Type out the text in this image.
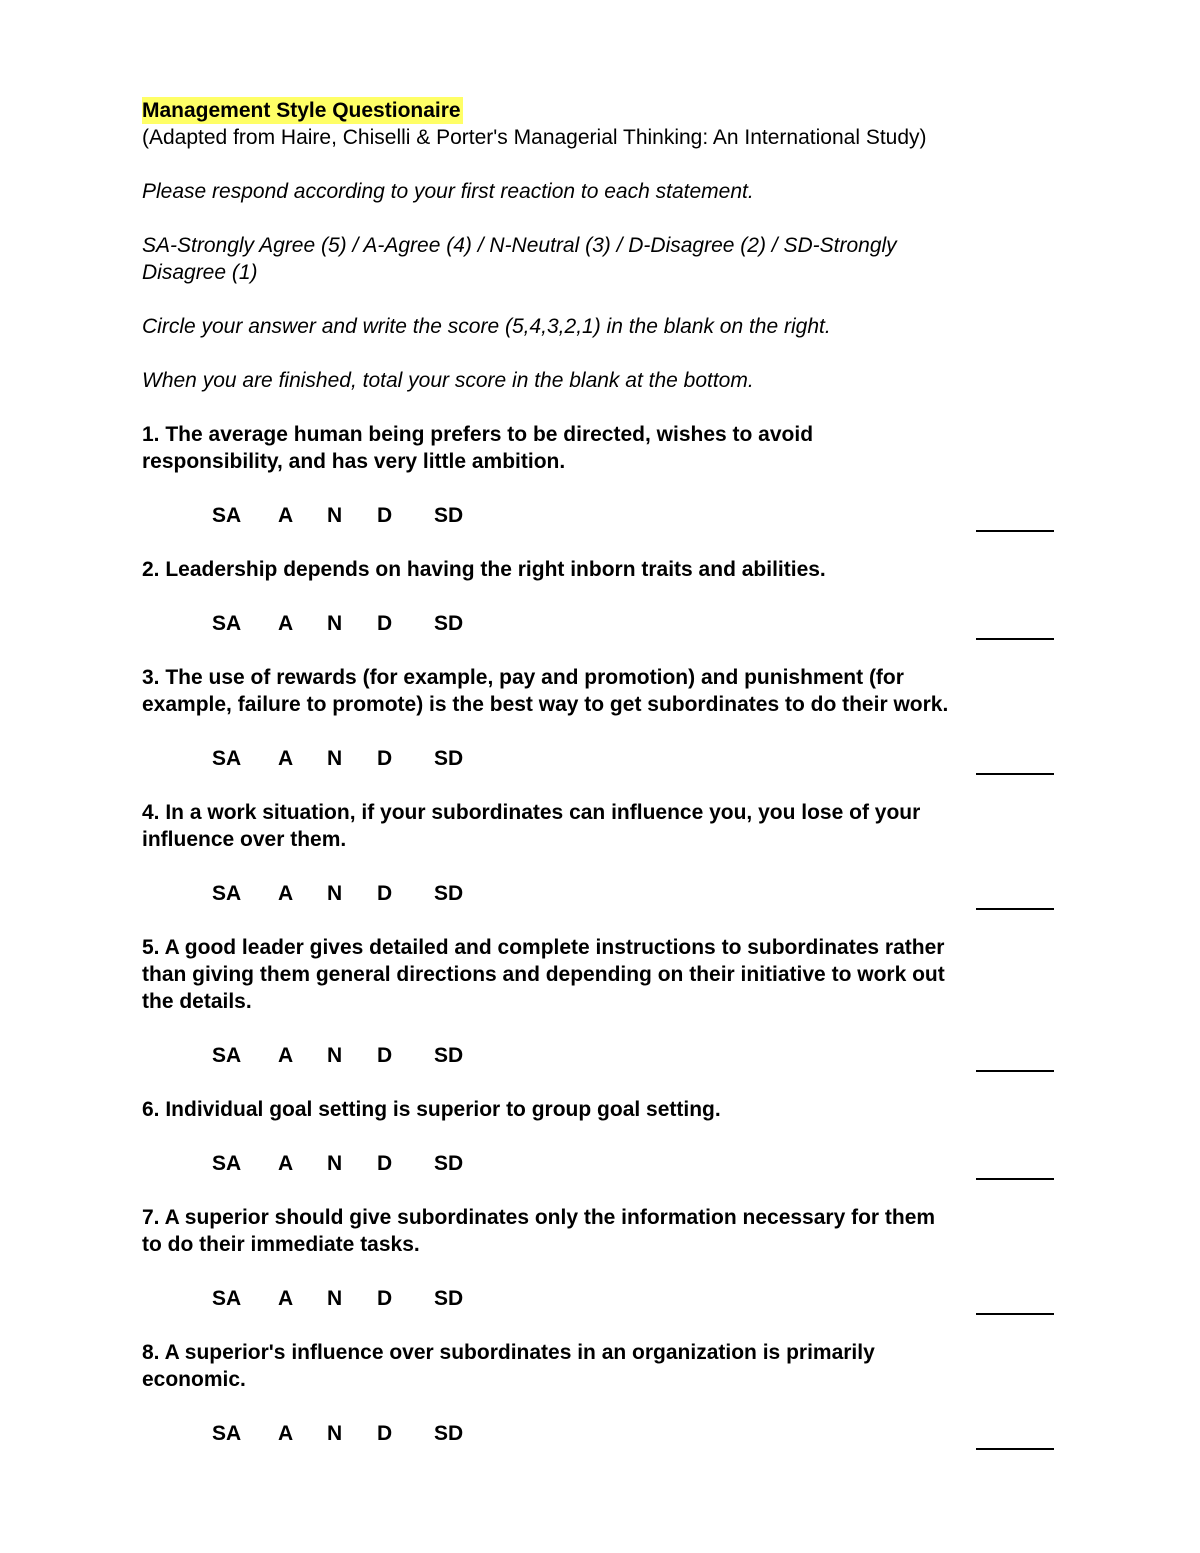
Management Style Questionaire

(Adapted from Haire, Chiselli & Porter's Managerial Thinking: An International Study)

Please respond according to your first reaction to each statement.

SA-Strongly Agree (5) / A-Agree (4) / N-Neutral (3) / D-Disagree (2) / SD-Strongly

Disagree (1)

Circle your answer and write the score (5,4,3,2,1) in the blank on the right.

When you are finished, total your score in the blank at the bottom.

1. The average human being prefers to be directed, wishes to avoid

responsibility, and has very little ambition.

SA A N D SD

2. Leadership depends on having the right inborn traits and abilities.

SA A N D SD

3. The use of rewards (for example, pay and promotion) and punishment (for

example, failure to promote) is the best way to get subordinates to do their work.

SA A N D SD

4. In a work situation, if your subordinates can influence you, you lose of your

influence over them.

SA A N D SD

5. A good leader gives detailed and complete instructions to subordinates rather

than giving them general directions and depending on their initiative to work out

the details.

SA A N D SD

6. Individual goal setting is superior to group goal setting.

SA A N D SD

7. A superior should give subordinates only the information necessary for them

to do their immediate tasks.

SA A N D SD

8. A superior's influence over subordinates in an organization is primarily

economic.

SA A N D SD
